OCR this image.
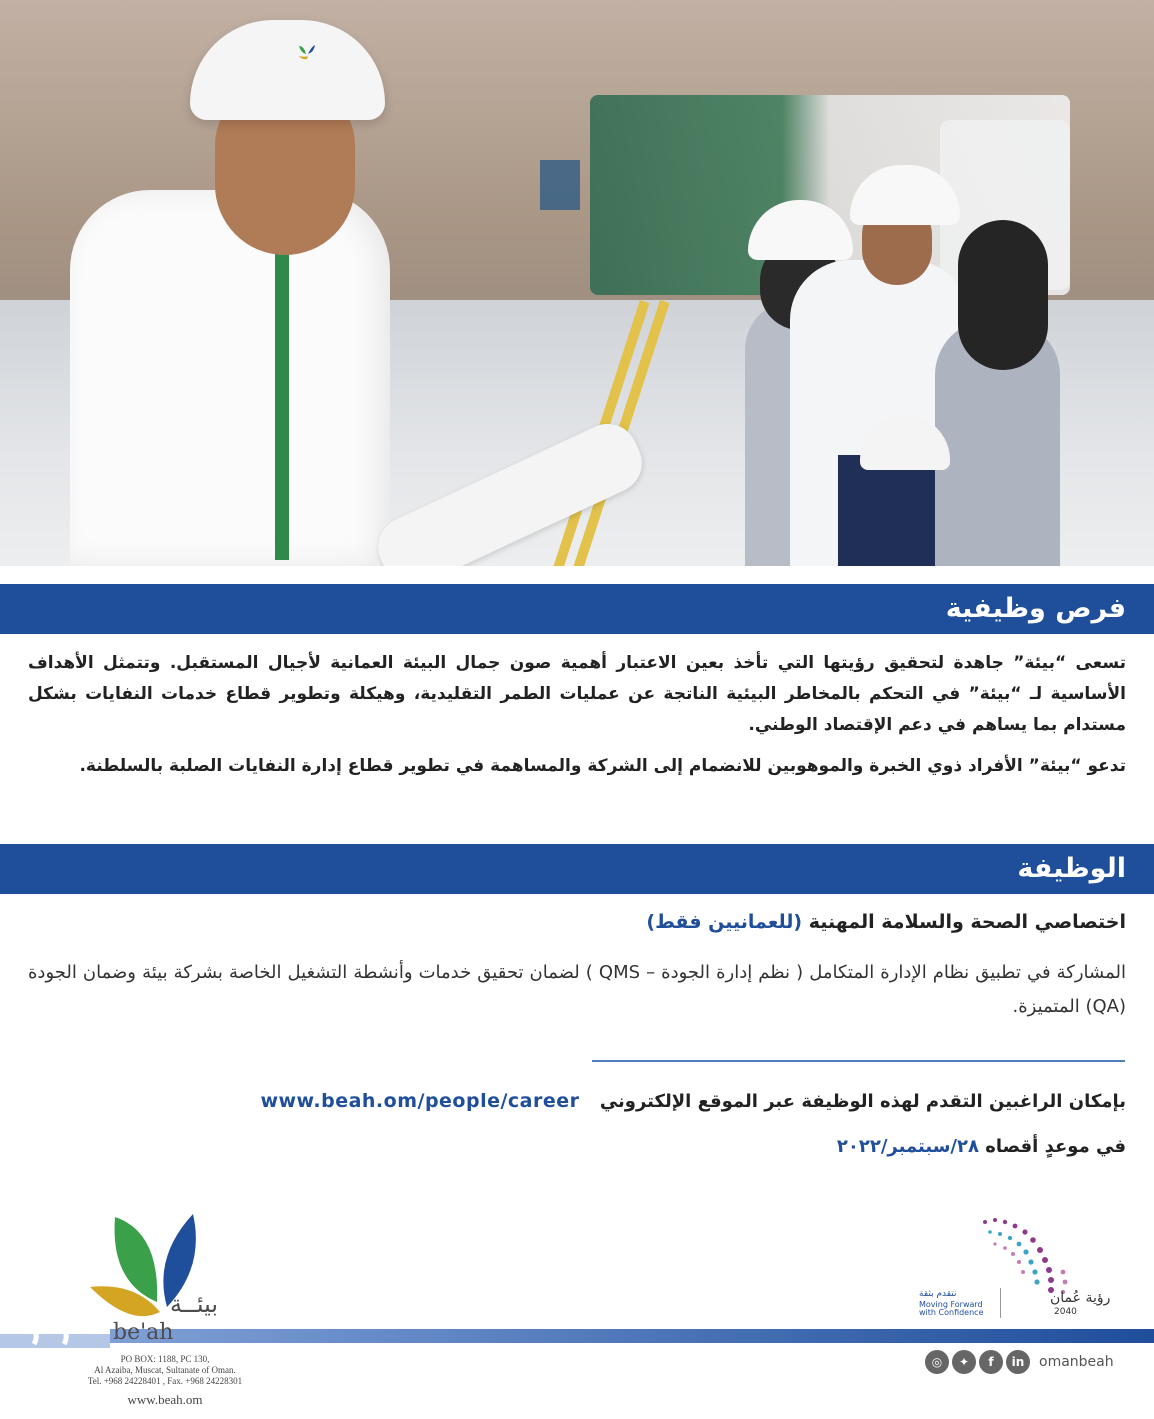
فرص وظيفية

تسعى “بيئة” جاهدة لتحقيق رؤيتها التي تأخذ بعين الاعتبار أهمية صون جمال البيئة العمانية لأجيال المستقبل. وتتمثل الأهداف الأساسية لـ “بيئة” في التحكم بالمخاطر البيئية الناتجة عن عمليات الطمر التقليدية، وهيكلة وتطوير قطاع خدمات النفايات بشكل مستدام بما يساهم في دعم الإقتصاد الوطني.

تدعو “بيئة” الأفراد ذوي الخبرة والموهوبين للانضمام إلى الشركة والمساهمة في تطوير قطاع إدارة النفايات الصلبة بالسلطنة.

الوظيفة
اختصاصي الصحة والسلامة المهنية (للعمانيين فقط)

المشاركة في تطبيق نظام الإدارة المتكامل ( نظم إدارة الجودة – QMS ) لضمان تحقيق خدمات وأنشطة التشغيل الخاصة بشركة بيئة وضمان الجودة (QA) المتميزة.

بإمكان الراغبين التقدم لهذه الوظيفة عبر الموقع الإلكتروني www.beah.om/people/career
في موعدٍ أقصاه ٢٨/سبتمبر/٢٠٢٢
بيئــة
be'ah
PO BOX: 1188, PC 130,
Al Azaiba, Muscat, Sultanate of Oman.
Tel. +968 24228401 , Fax. +968 24228301
www.beah.om
رؤية عُمان
2040
نتقدم بثقة
Moving Forward
with Confidence
◎	✦	f	in	omanbeah
